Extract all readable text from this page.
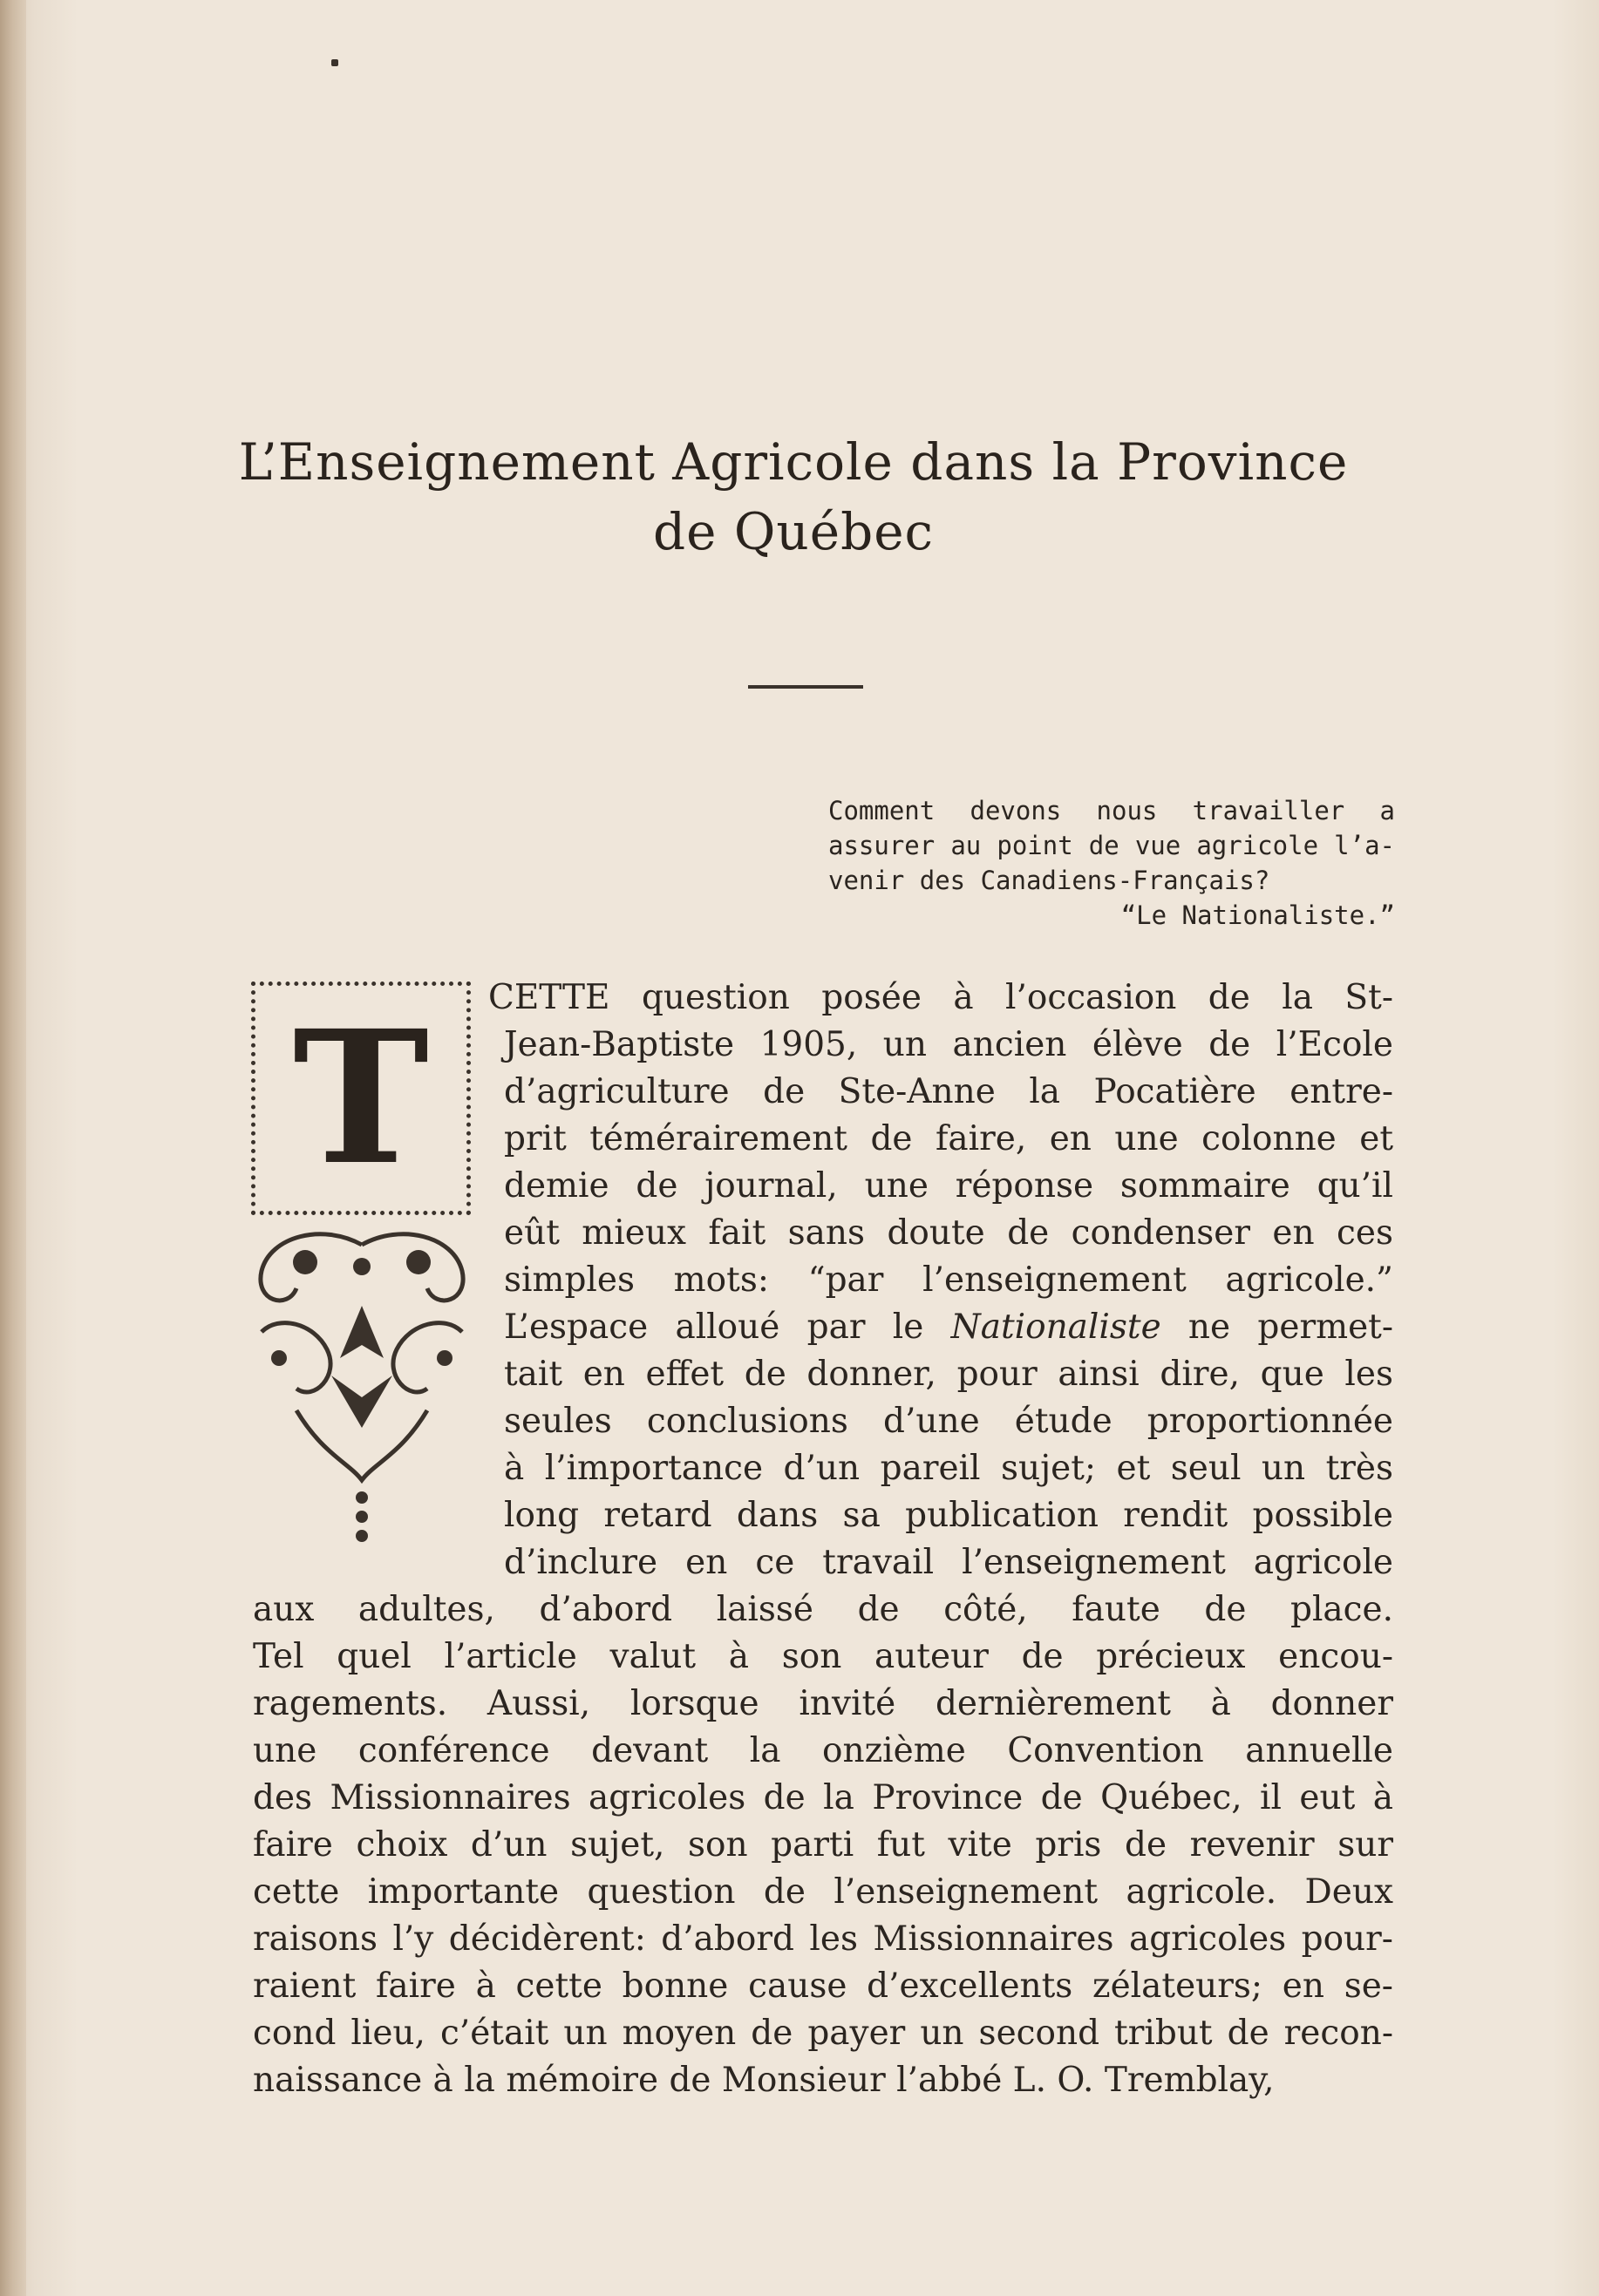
L’Enseignement Agricole dans la Province
de Québec
Comment devons nous travailler a
assurer au point de vue agricole l’a-
venir des Canadiens-Français?
“Le Nationaliste.”
T	CETTE question posée à l’occasion de la St-
Jean-Baptiste 1905, un ancien élève de l’Ecole
d’agriculture de Ste-Anne la Pocatière entre-
prit témérairement de faire, en une colonne et
demie de journal, une réponse sommaire qu’il
eût mieux fait sans doute de condenser en ces
simples mots: “par l’enseignement agricole.”
L’espace alloué par le Nationaliste ne permet-
tait en effet de donner, pour ainsi dire, que les
seules conclusions d’une étude proportionnée
à l’importance d’un pareil sujet; et seul un très
long retard dans sa publication rendit possible
d’inclure en ce travail l’enseignement agricole
aux adultes, d’abord laissé de côté, faute de place.
Tel quel l’article valut à son auteur de précieux encou-
ragements. Aussi, lorsque invité dernièrement à donner
une conférence devant la onzième Convention annuelle
des Missionnaires agricoles de la Province de Québec, il eut à
faire choix d’un sujet, son parti fut vite pris de revenir sur
cette importante question de l’enseignement agricole. Deux
raisons l’y décidèrent: d’abord les Missionnaires agricoles pour-
raient faire à cette bonne cause d’excellents zélateurs; en se-
cond lieu, c’était un moyen de payer un second tribut de recon-
naissance à la mémoire de Monsieur l’abbé L. O. Tremblay,
